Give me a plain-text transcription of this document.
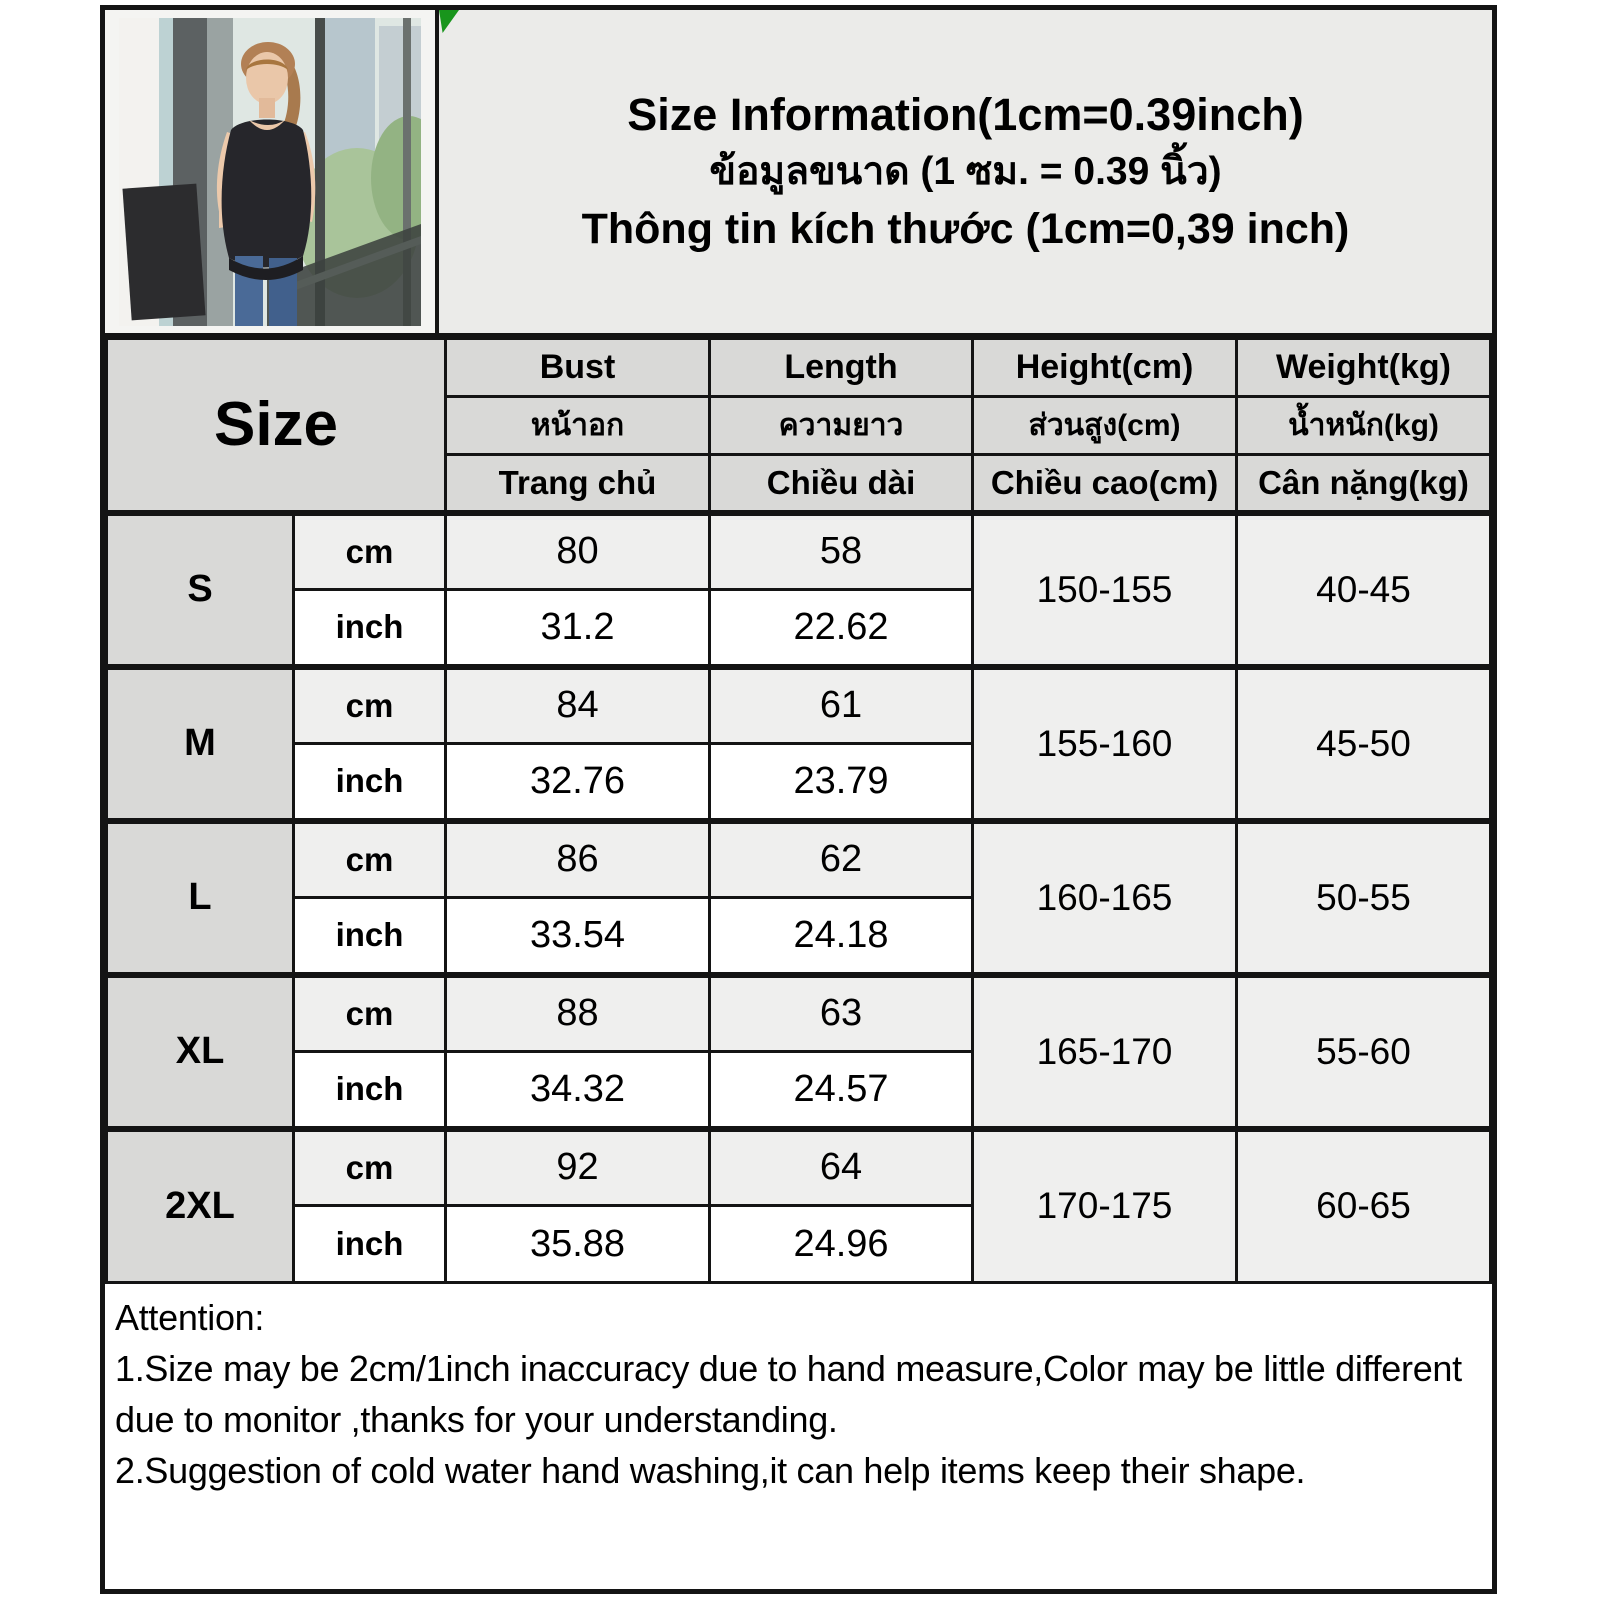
Size Information(1cm=0.39inch)
ข้อมูลขนาด (1 ซม. = 0.39 นิ้ว)
Thông tin kích thước (1cm=0,39 inch)
Size		Bust	Length	Height(cm)	Weight(kg)
		หน้าอก	ความยาว	ส่วนสูง(cm)	น้ำหนัก(kg)
		Trang chủ	Chiều dài	Chiều cao(cm)	Cân nặng(kg)
S	cm	80	58	150-155	40-45
	inch	31.2	22.62		
M	cm	84	61	155-160	45-50
	inch	32.76	23.79		
L	cm	86	62	160-165	50-55
	inch	33.54	24.18		
XL	cm	88	63	165-170	55-60
	inch	34.32	24.57		
2XL	cm	92	64	170-175	60-65
	inch	35.88	24.96		

Attention:

1.Size may be 2cm/1inch inaccuracy due to hand measure,Color may be little different due to monitor ,thanks for your understanding.

2.Suggestion of cold water hand washing,it can help items keep their shape.
